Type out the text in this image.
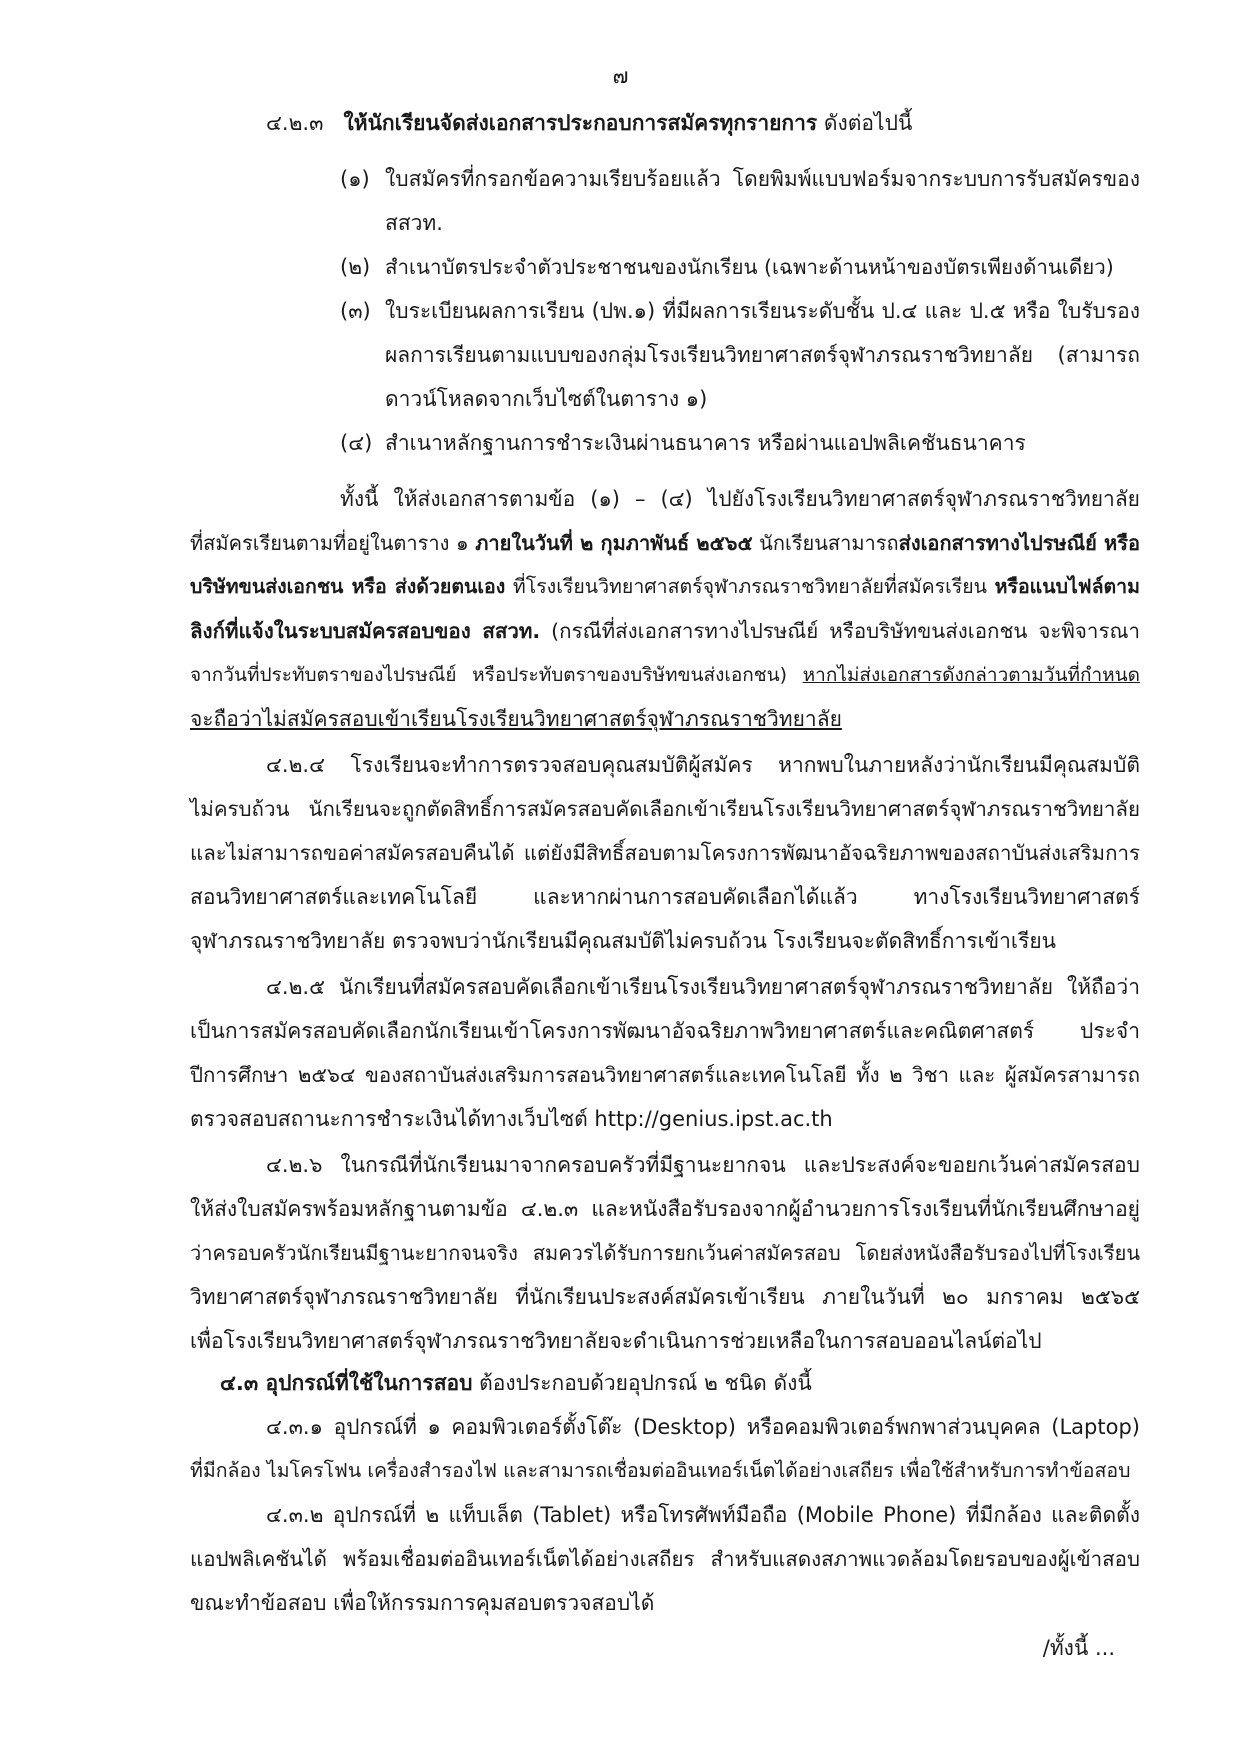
๗
๔.๒.๓ ให้นักเรียนจัดส่งเอกสารประกอบการสมัครทุกรายการ ดังต่อไปนี้
(๑) ใบสมัครที่กรอกข้อความเรียบร้อยแล้ว โดยพิมพ์แบบฟอร์มจากระบบการรับสมัครของ
สสวท.
(๒) สำเนาบัตรประจำตัวประชาชนของนักเรียน (เฉพาะด้านหน้าของบัตรเพียงด้านเดียว)
(๓) ใบระเบียนผลการเรียน (ปพ.๑) ที่มีผลการเรียนระดับชั้น ป.๔ และ ป.๕ หรือ ใบรับรอง
ผลการเรียนตามแบบของกลุ่มโรงเรียนวิทยาศาสตร์จุฬาภรณราชวิทยาลัย (สามารถ
ดาวน์โหลดจากเว็บไซต์ในตาราง ๑)
(๔) สำเนาหลักฐานการชำระเงินผ่านธนาคาร หรือผ่านแอปพลิเคชันธนาคาร
ทั้งนี้ ให้ส่งเอกสารตามข้อ (๑) – (๔) ไปยังโรงเรียนวิทยาศาสตร์จุฬาภรณราชวิทยาลัย
ที่สมัครเรียนตามที่อยู่ในตาราง ๑ ภายในวันที่ ๒ กุมภาพันธ์ ๒๕๖๕ นักเรียนสามารถส่งเอกสารทางไปรษณีย์ หรือ
บริษัทขนส่งเอกชน หรือ ส่งด้วยตนเอง ที่โรงเรียนวิทยาศาสตร์จุฬาภรณราชวิทยาลัยที่สมัครเรียน หรือแนบไฟล์ตาม
ลิงก์ที่แจ้งในระบบสมัครสอบของ สสวท. (กรณีที่ส่งเอกสารทางไปรษณีย์ หรือบริษัทขนส่งเอกชน จะพิจารณา
จากวันที่ประทับตราของไปรษณีย์ หรือประทับตราของบริษัทขนส่งเอกชน) หากไม่ส่งเอกสารดังกล่าวตามวันที่กำหนด
จะถือว่าไม่สมัครสอบเข้าเรียนโรงเรียนวิทยาศาสตร์จุฬาภรณราชวิทยาลัย
๔.๒.๔ โรงเรียนจะทำการตรวจสอบคุณสมบัติผู้สมัคร หากพบในภายหลังว่านักเรียนมีคุณสมบัติ
ไม่ครบถ้วน นักเรียนจะถูกตัดสิทธิ์การสมัครสอบคัดเลือกเข้าเรียนโรงเรียนวิทยาศาสตร์จุฬาภรณราชวิทยาลัย
และไม่สามารถขอค่าสมัครสอบคืนได้ แต่ยังมีสิทธิ์สอบตามโครงการพัฒนาอัจฉริยภาพของสถาบันส่งเสริมการ
สอนวิทยาศาสตร์และเทคโนโลยี และหากผ่านการสอบคัดเลือกได้แล้ว ทางโรงเรียนวิทยาศาสตร์
จุฬาภรณราชวิทยาลัย ตรวจพบว่านักเรียนมีคุณสมบัติไม่ครบถ้วน โรงเรียนจะตัดสิทธิ์การเข้าเรียน
๔.๒.๕ นักเรียนที่สมัครสอบคัดเลือกเข้าเรียนโรงเรียนวิทยาศาสตร์จุฬาภรณราชวิทยาลัย ให้ถือว่า
เป็นการสมัครสอบคัดเลือกนักเรียนเข้าโครงการพัฒนาอัจฉริยภาพวิทยาศาสตร์และคณิตศาสตร์ ประจำ
ปีการศึกษา ๒๕๖๔ ของสถาบันส่งเสริมการสอนวิทยาศาสตร์และเทคโนโลยี ทั้ง ๒ วิชา และ ผู้สมัครสามารถ
ตรวจสอบสถานะการชำระเงินได้ทางเว็บไซต์ http://genius.ipst.ac.th
๔.๒.๖ ในกรณีที่นักเรียนมาจากครอบครัวที่มีฐานะยากจน และประสงค์จะขอยกเว้นค่าสมัครสอบ
ให้ส่งใบสมัครพร้อมหลักฐานตามข้อ ๔.๒.๓ และหนังสือรับรองจากผู้อำนวยการโรงเรียนที่นักเรียนศึกษาอยู่
ว่าครอบครัวนักเรียนมีฐานะยากจนจริง สมควรได้รับการยกเว้นค่าสมัครสอบ โดยส่งหนังสือรับรองไปที่โรงเรียน
วิทยาศาสตร์จุฬาภรณราชวิทยาลัย ที่นักเรียนประสงค์สมัครเข้าเรียน ภายในวันที่ ๒๐ มกราคม ๒๕๖๕
เพื่อโรงเรียนวิทยาศาสตร์จุฬาภรณราชวิทยาลัยจะดำเนินการช่วยเหลือในการสอบออนไลน์ต่อไป
๔.๓ อุปกรณ์ที่ใช้ในการสอบ ต้องประกอบด้วยอุปกรณ์ ๒ ชนิด ดังนี้
๔.๓.๑ อุปกรณ์ที่ ๑ คอมพิวเตอร์ตั้งโต๊ะ (Desktop) หรือคอมพิวเตอร์พกพาส่วนบุคคล (Laptop)
ที่มีกล้อง ไมโครโฟน เครื่องสำรองไฟ และสามารถเชื่อมต่ออินเทอร์เน็ตได้อย่างเสถียร เพื่อใช้สำหรับการทำข้อสอบ
๔.๓.๒ อุปกรณ์ที่ ๒ แท็บเล็ต (Tablet) หรือโทรศัพท์มือถือ (Mobile Phone) ที่มีกล้อง และติดตั้ง
แอปพลิเคชันได้ พร้อมเชื่อมต่ออินเทอร์เน็ตได้อย่างเสถียร สำหรับแสดงสภาพแวดล้อมโดยรอบของผู้เข้าสอบ
ขณะทำข้อสอบ เพื่อให้กรรมการคุมสอบตรวจสอบได้
/ทั้งนี้ ...
